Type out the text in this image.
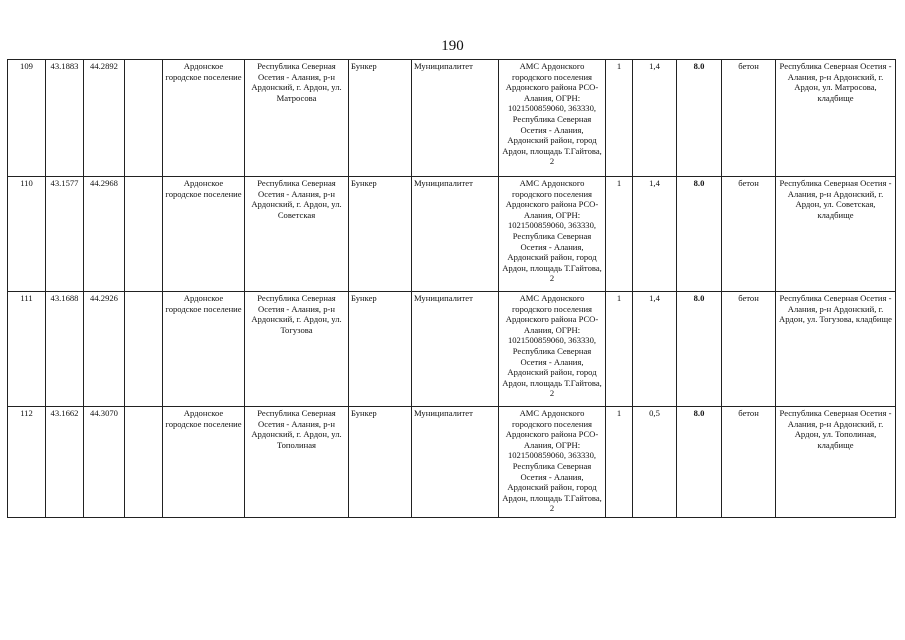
190
109	43.1883	44.2892		Ардонское городское поселение	Республика Северная Осетия - Алания, р-н Ардонский, г. Ардон, ул. Матросова	Бункер	Муниципалитет	АМС Ардонского городского поселения Ардонского района РСО-Алания, ОГРН: 1021500859060, 363330, Республика Северная Осетия - Алания, Ардонский район, город Ардон, площадь Т.Гайтова, 2	1	1,4	8.0	бетон	Республика Северная Осетия - Алания, р-н Ардонский, г. Ардон, ул. Матросова, кладбище
110	43.1577	44.2968		Ардонское городское поселение	Республика Северная Осетия - Алания, р-н Ардонский, г. Ардон, ул. Советская	Бункер	Муниципалитет	АМС Ардонского городского поселения Ардонского района РСО-Алания, ОГРН: 1021500859060, 363330, Республика Северная Осетия - Алания, Ардонский район, город Ардон, площадь Т.Гайтова, 2	1	1,4	8.0	бетон	Республика Северная Осетия - Алания, р-н Ардонский, г. Ардон, ул. Советская, кладбище
111	43.1688	44.2926		Ардонское городское поселение	Республика Северная Осетия - Алания, р-н Ардонский, г. Ардон, ул. Тогузова	Бункер	Муниципалитет	АМС Ардонского городского поселения Ардонского района РСО-Алания, ОГРН: 1021500859060, 363330, Республика Северная Осетия - Алания, Ардонский район, город Ардон, площадь Т.Гайтова, 2	1	1,4	8.0	бетон	Республика Северная Осетия - Алания, р-н Ардонский, г. Ардон, ул. Тогузова, кладбище
112	43.1662	44.3070		Ардонское городское поселение	Республика Северная Осетия - Алания, р-н Ардонский, г. Ардон, ул. Тополиная	Бункер	Муниципалитет	АМС Ардонского городского поселения Ардонского района РСО-Алания, ОГРН: 1021500859060, 363330, Республика Северная Осетия - Алания, Ардонский район, город Ардон, площадь Т.Гайтова, 2	1	0,5	8.0	бетон	Республика Северная Осетия - Алания, р-н Ардонский, г. Ардон, ул. Тополиная, кладбище
